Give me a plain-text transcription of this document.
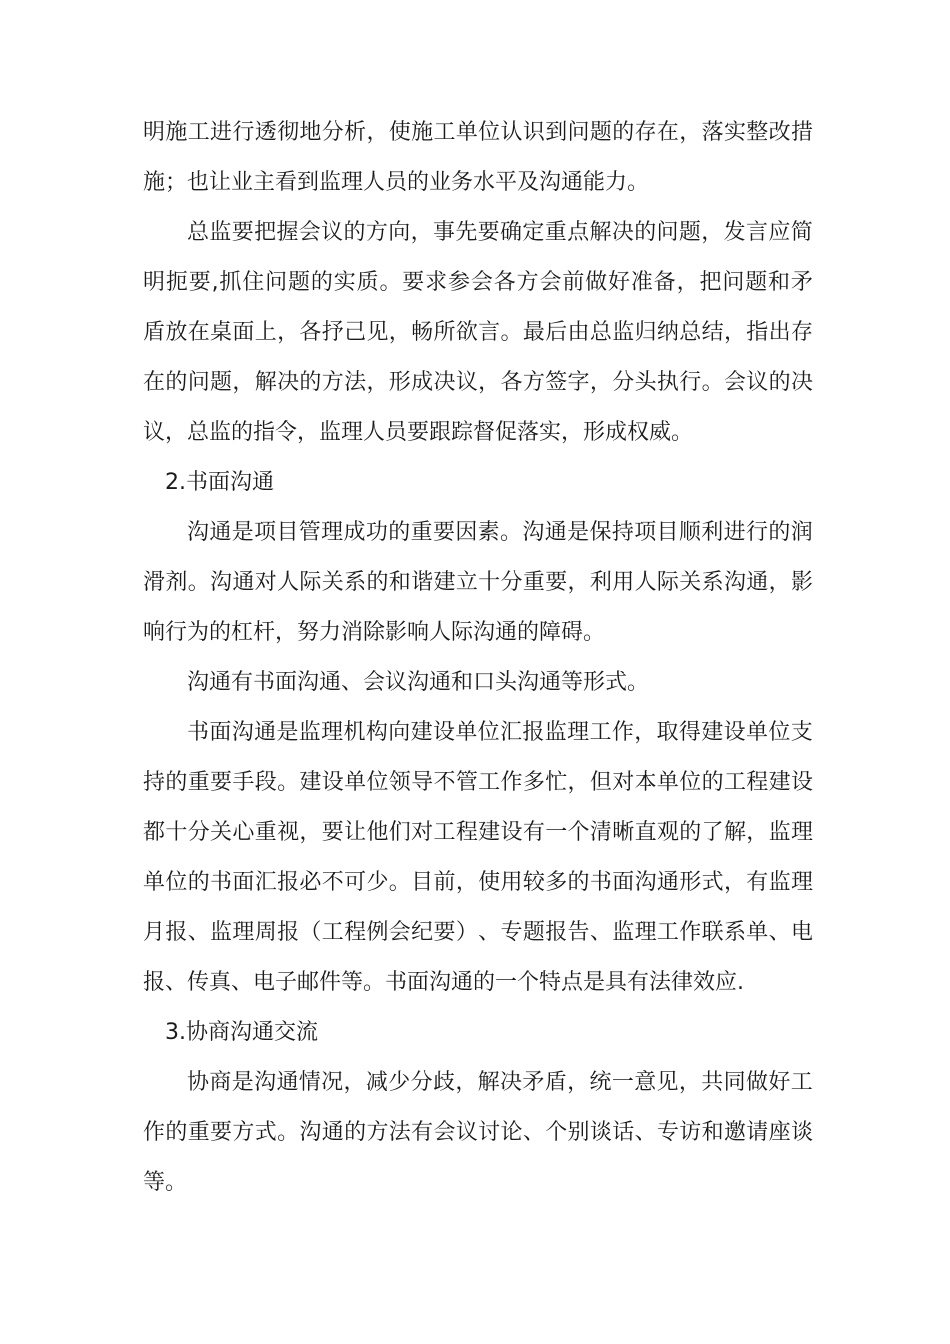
明 施 工 进 行 透 彻 地 分 析 ， 使 施 工 单 位 认 识 到 问 题 的 存 在 ， 落 实 整 改 措
施；也让业主看到监理人员的业务水平及沟通能力。
总 监 要 把 握 会 议 的 方 向 ， 事 先 要 确 定 重 点 解 决 的 问 题 ， 发 言 应 简
明 扼 要 , 抓 住 问 题 的 实 质 。 要 求 参 会 各 方 会 前 做 好 准 备 ， 把 问 题 和 矛
盾 放 在 桌 面 上 ， 各 抒 己 见 ， 畅 所 欲 言 。 最 后 由 总 监 归 纳 总 结 ， 指 出 存
在 的 问 题 ， 解 决 的 方 法 ， 形 成 决 议 ， 各 方 签 字 ， 分 头 执 行 。 会 议 的 决
议，总监的指令，监理人员要跟踪督促落实，形成权威。
2.书面沟通
沟 通 是 项 目 管 理 成 功 的 重 要 因 素 。 沟 通 是 保 持 项 目 顺 利 进 行 的 润
滑 剂 。 沟 通 对 人 际 关 系 的 和 谐 建 立 十 分 重 要 ， 利 用 人 际 关 系 沟 通 ， 影
响行为的杠杆，努力消除影响人际沟通的障碍。
沟通有书面沟通、会议沟通和口头沟通等形式。
书 面 沟 通 是 监 理 机 构 向 建 设 单 位 汇 报 监 理 工 作 ， 取 得 建 设 单 位 支
持 的 重 要 手 段 。 建 设 单 位 领 导 不 管 工 作 多 忙 ， 但 对 本 单 位 的 工 程 建 设
都 十 分 关 心 重 视 ， 要 让 他 们 对 工 程 建 设 有 一 个 清 晰 直 观 的 了 解 ， 监 理
单 位 的 书 面 汇 报 必 不 可 少 。 目 前 ， 使 用 较 多 的 书 面 沟 通 形 式 ， 有 监 理
月 报 、 监 理 周 报 （ 工 程 例 会 纪 要 ） 、 专 题 报 告 、 监 理 工 作 联 系 单 、 电
报、传真、电子邮件等。书面沟通的一个特点是具有法律效应.
3.协商沟通交流
协 商 是 沟 通 情 况 ， 减 少 分 歧 ， 解 决 矛 盾 ， 统 一 意 见 ， 共 同 做 好 工
作 的 重 要 方 式 。 沟 通 的 方 法 有 会 议 讨 论 、 个 别 谈 话 、 专 访 和 邀 请 座 谈
等。
